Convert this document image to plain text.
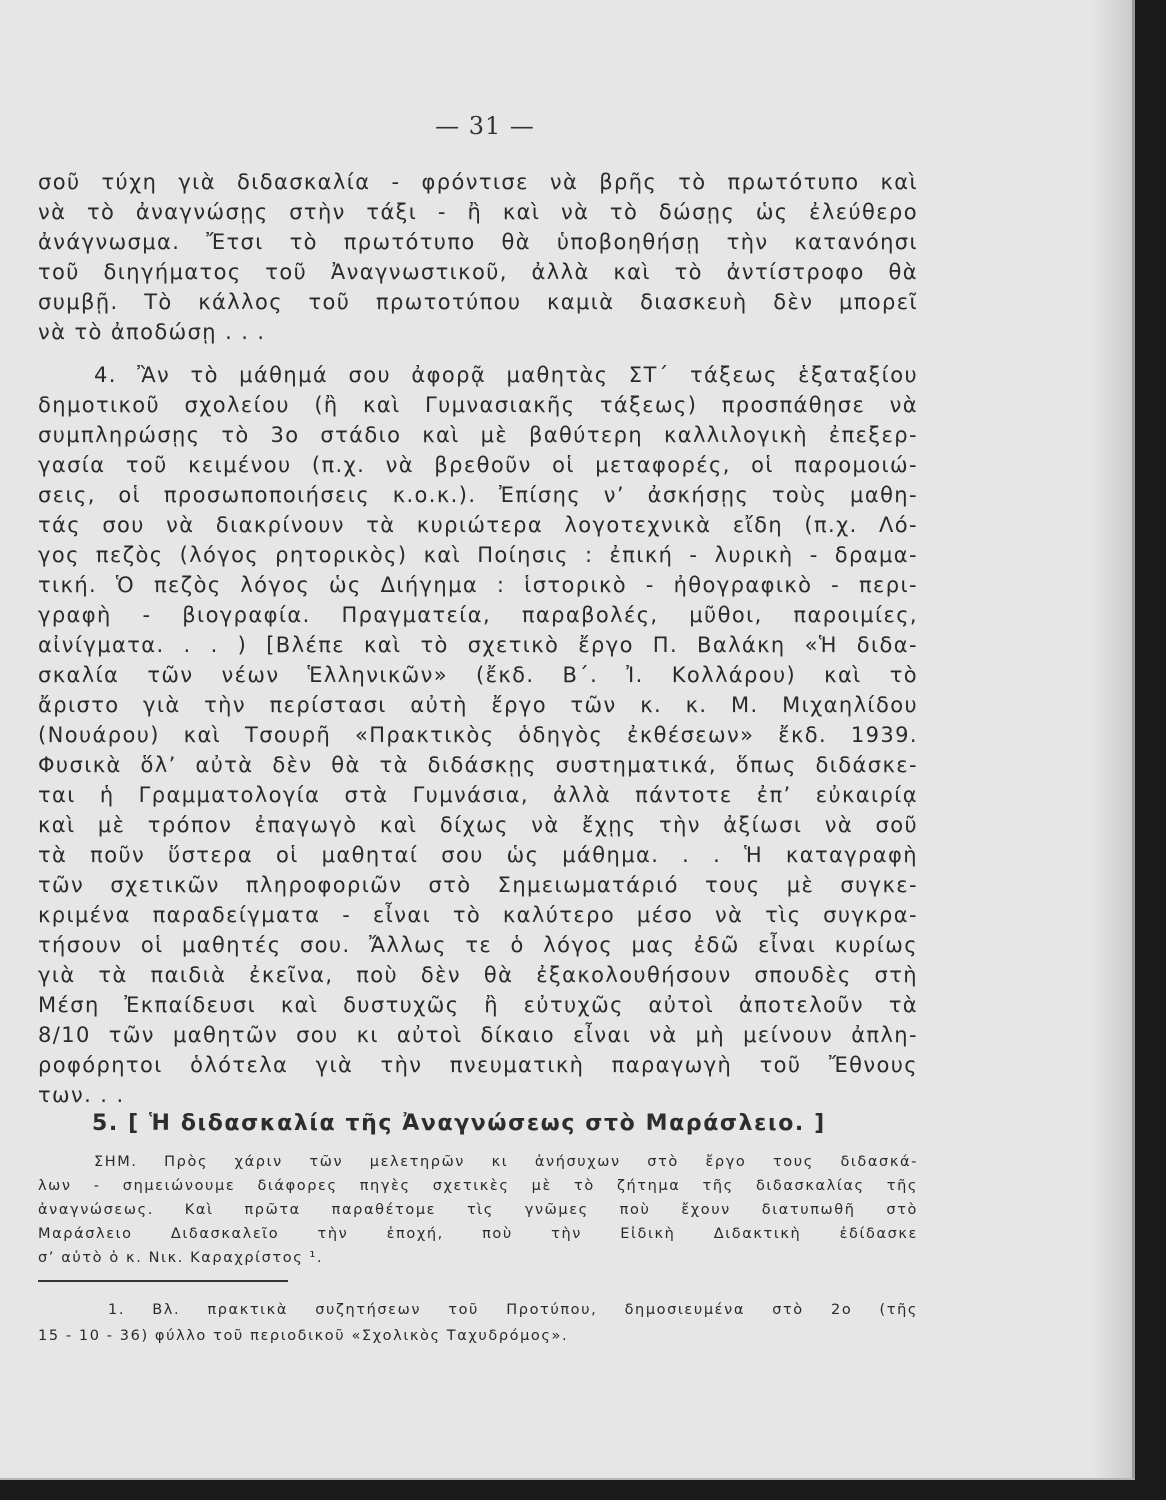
— 31 —
σοῦ τύχη γιὰ διδασκαλία - φρόντισε νὰ βρῆς τὸ πρωτότυπο καὶ
νὰ τὸ ἀναγνώσῃς στὴν τάξι - ἢ καὶ νὰ τὸ δώσῃς ὡς ἐλεύθερο
ἀνάγνωσμα. Ἔτσι τὸ πρωτότυπο θὰ ὑποβοηθήσῃ τὴν κατανόησι
τοῦ διηγήματος τοῦ Ἀναγνωστικοῦ, ἀλλὰ καὶ τὸ ἀντίστροφο θὰ
συμβῇ. Τὸ κάλλος τοῦ πρωτοτύπου καμιὰ διασκευὴ δὲν μπορεῖ
νὰ τὸ ἀποδώσῃ . . .
4. Ἂν τὸ μάθημά σου ἀφορᾷ μαθητὰς ΣΤ΄ τάξεως ἑξαταξίου
δημοτικοῦ σχολείου (ἢ καὶ Γυμνασιακῆς τάξεως) προσπάθησε νὰ
συμπληρώσῃς τὸ 3ο στάδιο καὶ μὲ βαθύτερη καλλιλογικὴ ἐπεξερ-
γασία τοῦ κειμένου (π.χ. νὰ βρεθοῦν οἱ μεταφορές, οἱ παρομοιώ-
σεις, οἱ προσωποποιήσεις κ.ο.κ.). Ἐπίσης ν’ ἀσκήσῃς τοὺς μαθη-
τάς σου νὰ διακρίνουν τὰ κυριώτερα λογοτεχνικὰ εἴδη (π.χ. Λό-
γος πεζὸς (λόγος ρητορικὸς) καὶ Ποίησις : ἐπική - λυρικὴ - δραμα-
τική. Ὁ πεζὸς λόγος ὡς Διήγημα : ἱστορικὸ - ἠθογραφικὸ - περι-
γραφὴ - βιογραφία. Πραγματεία, παραβολές, μῦθοι, παροιμίες,
αἰνίγματα. . . ) [Βλέπε καὶ τὸ σχετικὸ ἔργο Π. Βαλάκη «Ἡ διδα-
σκαλία τῶν νέων Ἑλληνικῶν» (ἔκδ. Β΄. Ἰ. Κολλάρου) καὶ τὸ
ἄριστο γιὰ τὴν περίστασι αὐτὴ ἔργο τῶν κ. κ. Μ. Μιχαηλίδου
(Νουάρου) καὶ Τσουρῆ «Πρακτικὸς ὁδηγὸς ἐκθέσεων» ἔκδ. 1939.
Φυσικὰ ὅλ’ αὐτὰ δὲν θὰ τὰ διδάσκῃς συστηματικά, ὅπως διδάσκε-
ται ἡ Γραμματολογία στὰ Γυμνάσια, ἀλλὰ πάντοτε ἐπ’ εὐκαιρίᾳ
καὶ μὲ τρόπον ἐπαγωγὸ καὶ δίχως νὰ ἔχῃς τὴν ἀξίωσι νὰ σοῦ
τὰ ποῦν ὕστερα οἱ μαθηταί σου ὡς μάθημα. . . Ἡ καταγραφὴ
τῶν σχετικῶν πληροφοριῶν στὸ Σημειωματάριό τους μὲ συγκε-
κριμένα παραδείγματα - εἶναι τὸ καλύτερο μέσο νὰ τὶς συγκρα-
τήσουν οἱ μαθητές σου. Ἄλλως τε ὁ λόγος μας ἐδῶ εἶναι κυρίως
γιὰ τὰ παιδιὰ ἐκεῖνα, ποὺ δὲν θὰ ἐξακολουθήσουν σπουδὲς στὴ
Μέση Ἐκπαίδευσι καὶ δυστυχῶς ἢ εὐτυχῶς αὐτοὶ ἀποτελοῦν τὰ
8/10 τῶν μαθητῶν σου κι αὐτοὶ δίκαιο εἶναι νὰ μὴ μείνουν ἀπλη-
ροφόρητοι ὁλότελα γιὰ τὴν πνευματικὴ παραγωγὴ τοῦ Ἔθνους
των. . .
5. [ Ἡ διδασκαλία τῆς Ἀναγνώσεως στὸ Μαράσλειο. ]
ΣΗΜ. Πρὸς χάριν τῶν μελετηρῶν κι ἀνήσυχων στὸ ἔργο τους διδασκά-
λων - σημειώνουμε διάφορες πηγὲς σχετικὲς μὲ τὸ ζήτημα τῆς διδασκαλίας τῆς
ἀναγνώσεως. Καὶ πρῶτα παραθέτομε τὶς γνῶμες ποὺ ἔχουν διατυπωθῆ στὸ
Μαράσλειο Διδασκαλεῖο τὴν ἐποχή, ποὺ τὴν Εἰδικὴ Διδακτικὴ ἐδίδασκε
σ’ αὐτὸ ὁ κ. Νικ. Καραχρίστος ¹.
1. Βλ. πρακτικὰ συζητήσεων τοῦ Προτύπου, δημοσιευμένα στὸ 2ο (τῆς
15 - 10 - 36) φύλλο τοῦ περιοδικοῦ «Σχολικὸς Ταχυδρόμος».
